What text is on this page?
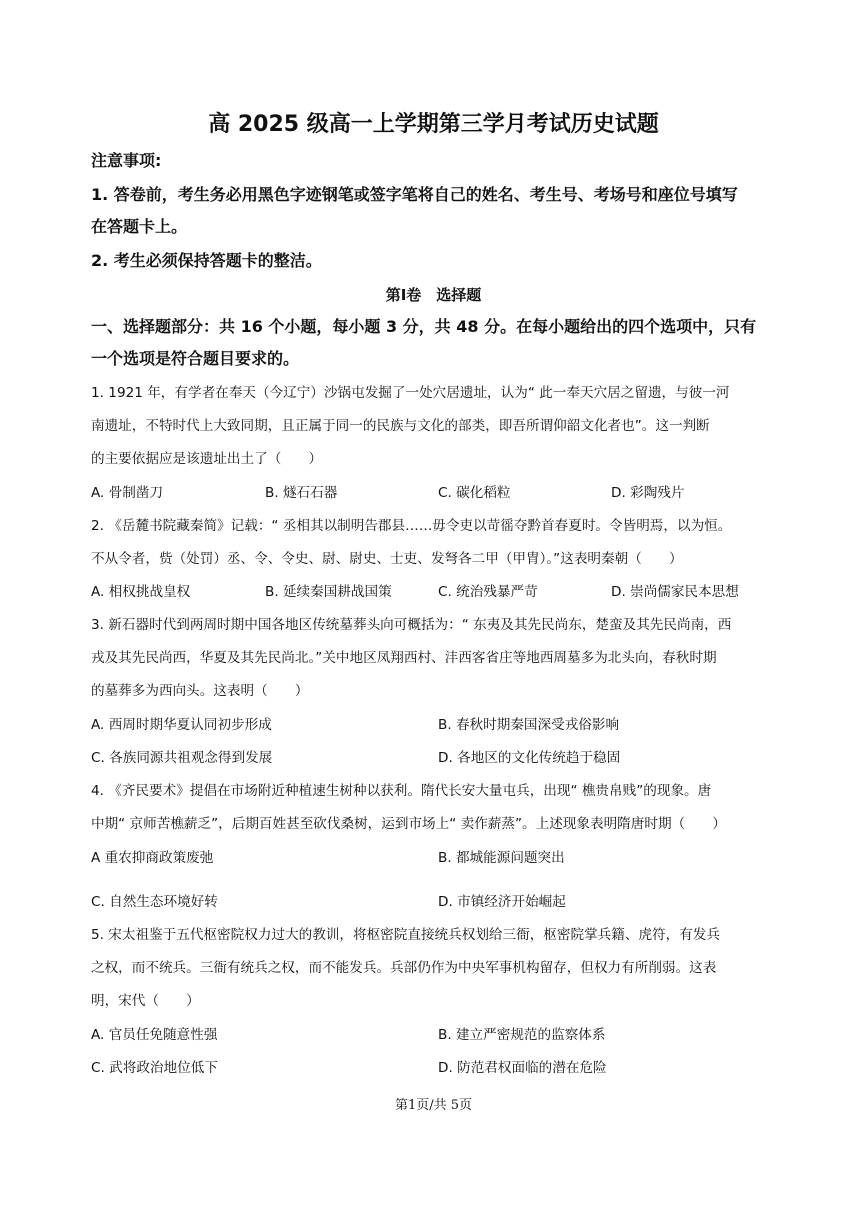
高 2025 级高一上学期第三学月考试历史试题
注意事项:
1. 答卷前，考生务必用黑色字迹钢笔或签字笔将自己的姓名、考生号、考场号和座位号填写
在答题卡上。
2. 考生必须保持答题卡的整洁。
第Ⅰ卷　选择题
一、选择题部分：共 16 个小题，每小题 3 分，共 48 分。在每小题给出的四个选项中，只有
一个选项是符合题目要求的。
1. 1921 年，有学者在奉天（今辽宁）沙锅屯发掘了一处穴居遗址，认为“ 此一奉天穴居之留遗，与彼一河
南遗址，不特时代上大致同期，且正属于同一的民族与文化的部类，即吾所谓仰韶文化者也”。这一判断
的主要依据应是该遗址出土了（　　）
A. 骨制凿刀	B. 燧石石器	C. 碳化稻粒	D. 彩陶残片
2. 《岳麓书院藏秦简》记载：“ 丞相其以制明告郡县……毋令吏以苛徭夺黔首春夏时。令皆明焉，以为恒。
不从令者，赀（处罚）丞、令、令史、尉、尉史、士吏、发弩各二甲（甲胄）。”这表明秦朝（　　）
A. 相权挑战皇权	B. 延续秦国耕战国策	C. 统治残暴严苛	D. 崇尚儒家民本思想
3. 新石器时代到两周时期中国各地区传统墓葬头向可概括为：“ 东夷及其先民尚东，楚蛮及其先民尚南，西
戎及其先民尚西，华夏及其先民尚北。”关中地区凤翔西村、沣西客省庄等地西周墓多为北头向，春秋时期
的墓葬多为西向头。这表明（　　）
A. 西周时期华夏认同初步形成	B. 春秋时期秦国深受戎俗影响
C. 各族同源共祖观念得到发展	D. 各地区的文化传统趋于稳固
4. 《齐民要术》提倡在市场附近种植速生树种以获利。隋代长安大量屯兵，出现“ 樵贵帛贱”的现象。唐
中期“ 京师苦樵薪乏”，后期百姓甚至砍伐桑树，运到市场上“ 卖作薪蒸”。上述现象表明隋唐时期（　　）
A 重农抑商政策废弛	B. 都城能源问题突出
C. 自然生态环境好转	D. 市镇经济开始崛起
5. 宋太祖鉴于五代枢密院权力过大的教训，将枢密院直接统兵权划给三衙，枢密院掌兵籍、虎符，有发兵
之权，而不统兵。三衙有统兵之权，而不能发兵。兵部仍作为中央军事机构留存，但权力有所削弱。这表
明，宋代（　　）
A. 官员任免随意性强	B. 建立严密规范的监察体系
C. 武将政治地位低下	D. 防范君权面临的潜在危险
第1页/共 5页
